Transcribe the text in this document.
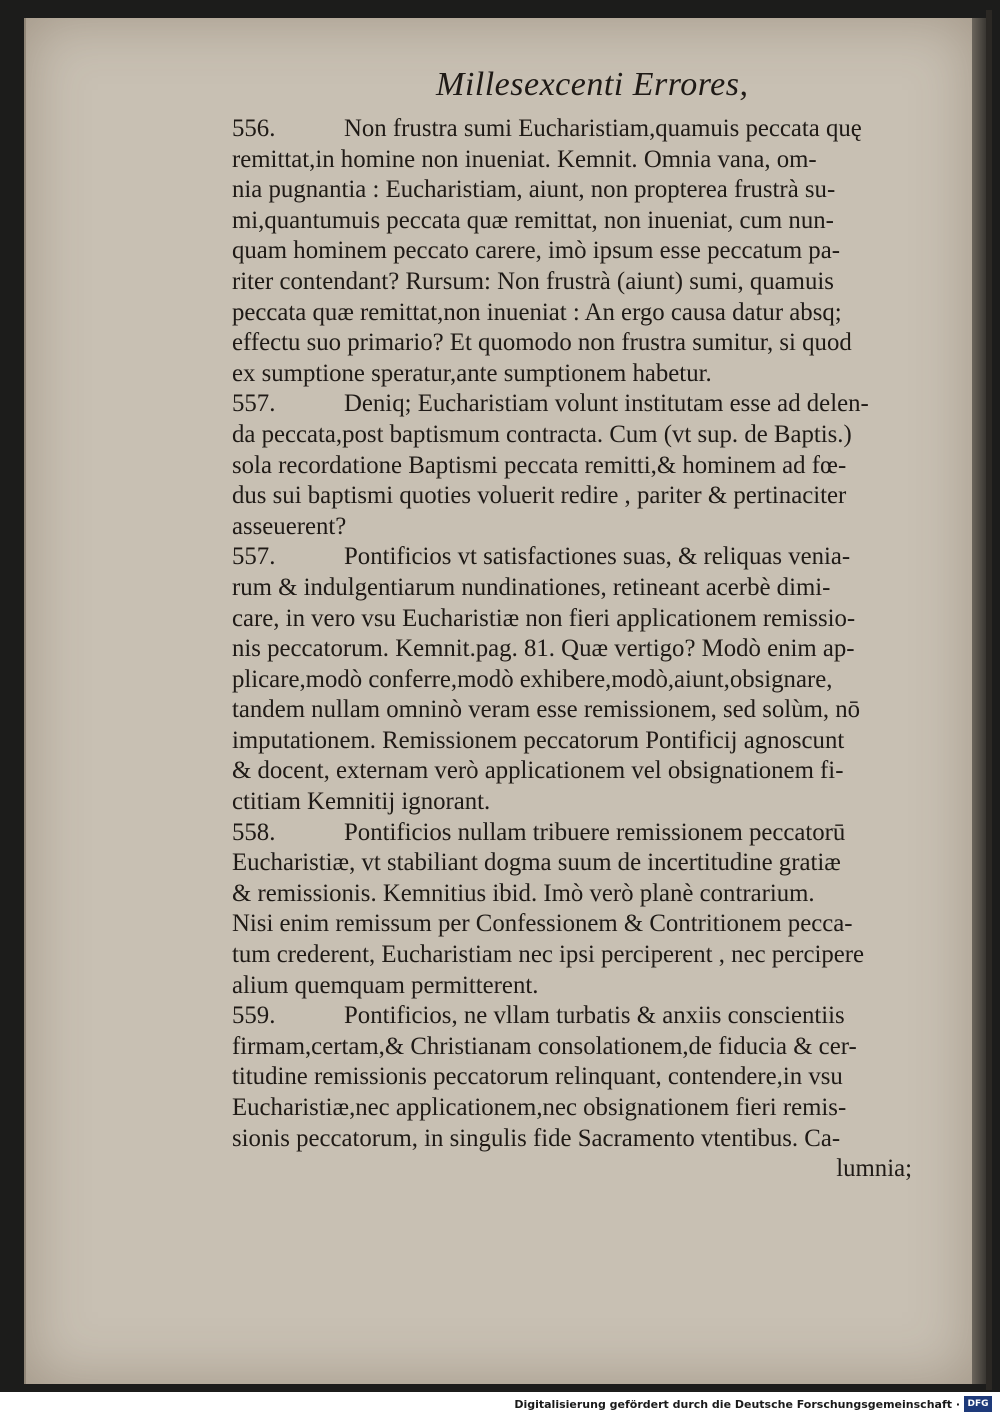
Millesexcenti Errores,
556.	Non frustra sumi Eucharistiam,quamuis peccata quę
remittat,in homine non inueniat. Kemnit. Omnia vana, om-
nia pugnantia : Eucharistiam, aiunt, non propterea frustrà su-
mi,quantumuis peccata quæ remittat, non inueniat, cum nun-
quam hominem peccato carere, imò ipsum esse peccatum pa-
riter contendant? Rursum: Non frustrà (aiunt) sumi, quamuis
peccata quæ remittat,non inueniat : An ergo causa datur absq;
effectu suo primario? Et quomodo non frustra sumitur, si quod
ex sumptione speratur,ante sumptionem habetur.
557.	Deniq; Eucharistiam volunt institutam esse ad delen-
da peccata,post baptismum contracta. Cum (vt sup. de Baptis.)
sola recordatione Baptismi peccata remitti,& hominem ad fœ-
dus sui baptismi quoties voluerit redire , pariter & pertinaciter
asseuerent?
557.	Pontificios vt satisfactiones suas, & reliquas venia-
rum & indulgentiarum nundinationes, retineant acerbè dimi-
care, in vero vsu Eucharistiæ non fieri applicationem remissio-
nis peccatorum. Kemnit.pag. 81. Quæ vertigo? Modò enim ap-
plicare,modò conferre,modò exhibere,modò,aiunt,obsignare,
tandem nullam omninò veram esse remissionem, sed solùm, nō
imputationem. Remissionem peccatorum Pontificij agnoscunt
& docent, externam verò applicationem vel obsignationem fi-
ctitiam Kemnitij ignorant.
558.	Pontificios nullam tribuere remissionem peccatorū
Eucharistiæ, vt stabiliant dogma suum de incertitudine gratiæ
& remissionis. Kemnitius ibid. Imò verò planè contrarium.
Nisi enim remissum per Confessionem & Contritionem pecca-
tum crederent, Eucharistiam nec ipsi perciperent , nec percipere
alium quemquam permitterent.
559.	Pontificios, ne vllam turbatis & anxiis conscientiis
firmam,certam,& Christianam consolationem,de fiducia & cer-
titudine remissionis peccatorum relinquant, contendere,in vsu
Eucharistiæ,nec applicationem,nec obsignationem fieri remis-
sionis peccatorum, in singulis fide Sacramento vtentibus. Ca-
lumnia;
Digitalisierung gefördert durch die Deutsche Forschungsgemeinschaft · DFG
